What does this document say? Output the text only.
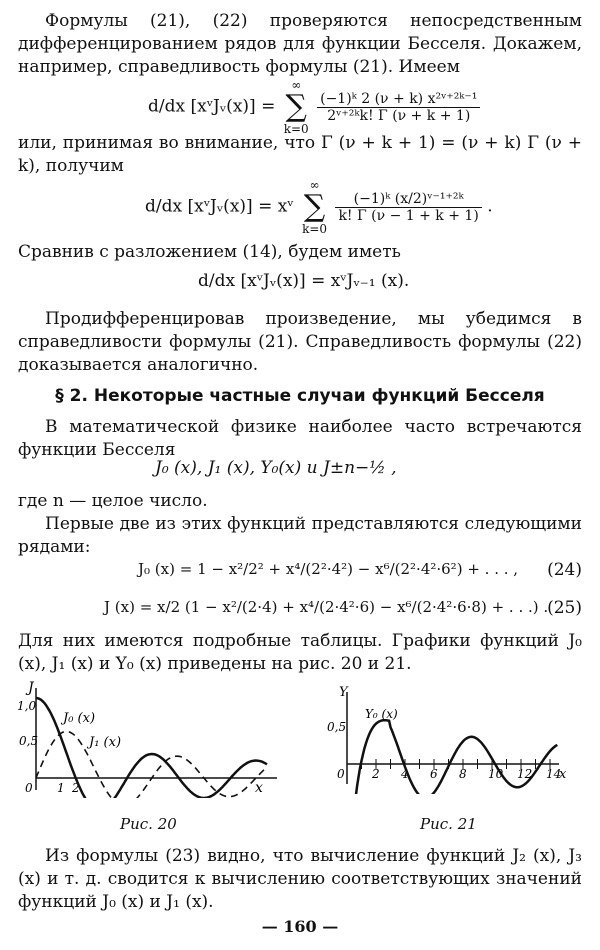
Формулы (21), (22) проверяются непосредственным дифференцированием рядов для функции Бесселя. Докажем, например, справедливость формулы (21). Имеем

d/dx [xᵛJᵥ(x)] =
∞
∑
k=0

$\frac{\text{(−1)ᵏ 2 (ν + k) x²ᵛ⁺²ᵏ⁻¹}}{\text{2ᵛ⁺²ᵏk! Γ (ν + k + 1)}}$

или, принимая во внимание, что Γ (ν + k + 1) = (ν + k) Γ (ν + k), получим

d/dx [xᵛJᵥ(x)] = xᵛ
∞
∑
k=0

$\frac{\text{(−1)ᵏ (x/2)ᵛ⁻¹⁺²ᵏ}}{k! \Gamma (\nu - 1 + k + 1)}$ .

Сравнив с разложением (14), будем иметь

d/dx [xᵛJᵥ(x)] = xᵛJᵥ₋₁ (x).

Продифференцировав произведение, мы убедимся в справедливости формулы (21). Справедливость формулы (22) доказывается аналогично.

§ 2. Некоторые частные случаи функций Бесселя

В математической физике наиболее часто встречаются функции Бесселя

J₀ (x), J₁ (x), Y₀(x) и J±n−½ ,

где n — целое число.

Первые две из этих функций представляются следующими рядами:

J₀ (x) = 1 − x²/2² + x⁴/(2²·4²) − x⁶/(2²·4²·6²) + . . . , (24)
J (x) = x/2 (1 − x²/(2·4) + x⁴/(2·4²·6) − x⁶/(2·4²·6·8) + . . .) .
(25)

Для них имеются подробные таблицы. Графики функций J₀ (x), J₁ (x) и Y₀ (x) приведены на рис. 20 и 21.

J
x
1,0
0,5
0 1 2
J₀ (x)
J₁ (x)
Рис. 20
Y
x
0,5
0 2 4 6 8 10 12 14
Y₀ (x)
Рис. 21

Из формулы (23) видно, что вычисление функций J₂ (x), J₃ (x) и т. д. сводится к вычислению соответствующих значений функций J₀ (x) и J₁ (x).

— 160 —
